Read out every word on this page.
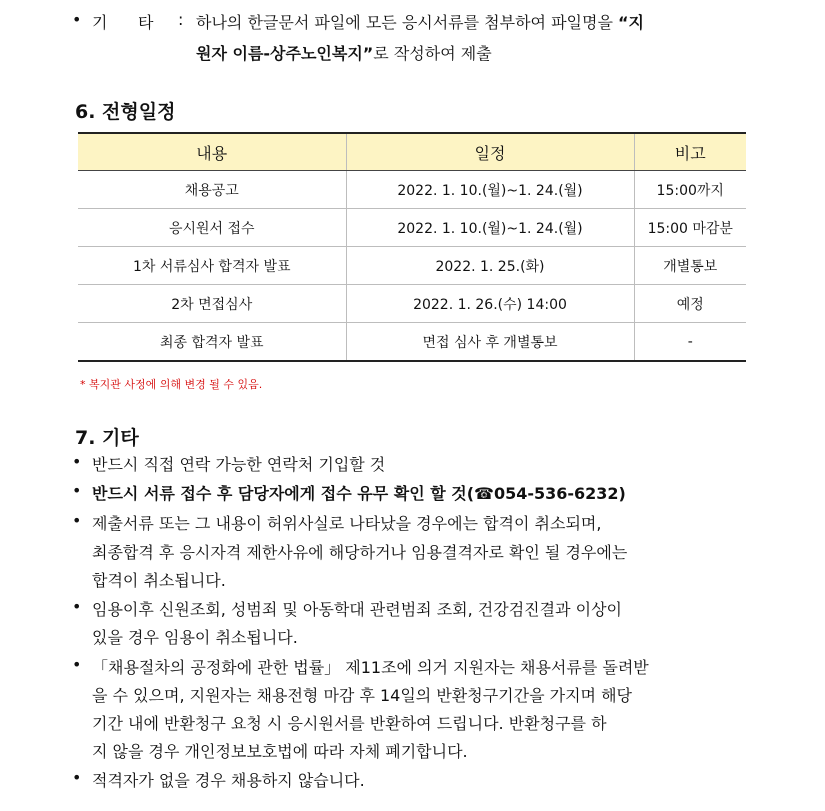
• 기      타 : 하나의 한글문서 파일에 모든 응시서류를 첨부하여 파일명을 “지
원자 이름-상주노인복지”로 작성하여 제출
6. 전형일정
내용	일정	비고
채용공고	2022. 1. 10.(월)~1. 24.(월)	15:00까지
응시원서 접수	2022. 1. 10.(월)~1. 24.(월)	15:00 마감분
1차 서류심사 합격자 발표	2022. 1. 25.(화)	개별통보
2차 면접심사	2022. 1. 26.(수) 14:00	예정
최종 합격자 발표	면접 심사 후 개별통보	-
* 복지관 사정에 의해 변경 될 수 있음.
7. 기타
• 반드시 직접 연락 가능한 연락처 기입할 것
• 반드시 서류 접수 후 담당자에게 접수 유무 확인 할 것(☎054-536-6232)
• 제출서류 또는 그 내용이 허위사실로 나타났을 경우에는 합격이 취소되며,
최종합격 후 응시자격 제한사유에 해당하거나 임용결격자로 확인 될 경우에는
합격이 취소됩니다.
• 임용이후 신원조회, 성범죄 및 아동학대 관련범죄 조회, 건강검진결과 이상이
있을 경우 임용이 취소됩니다.
• 「채용절차의 공정화에 관한 법률」 제11조에 의거 지원자는 채용서류를 돌려받
을 수 있으며, 지원자는 채용전형 마감 후 14일의 반환청구기간을 가지며 해당
기간 내에 반환청구 요청 시 응시원서를 반환하여 드립니다. 반환청구를 하
지 않을 경우 개인정보보호법에 따라 자체 폐기합니다.
• 적격자가 없을 경우 채용하지 않습니다.
